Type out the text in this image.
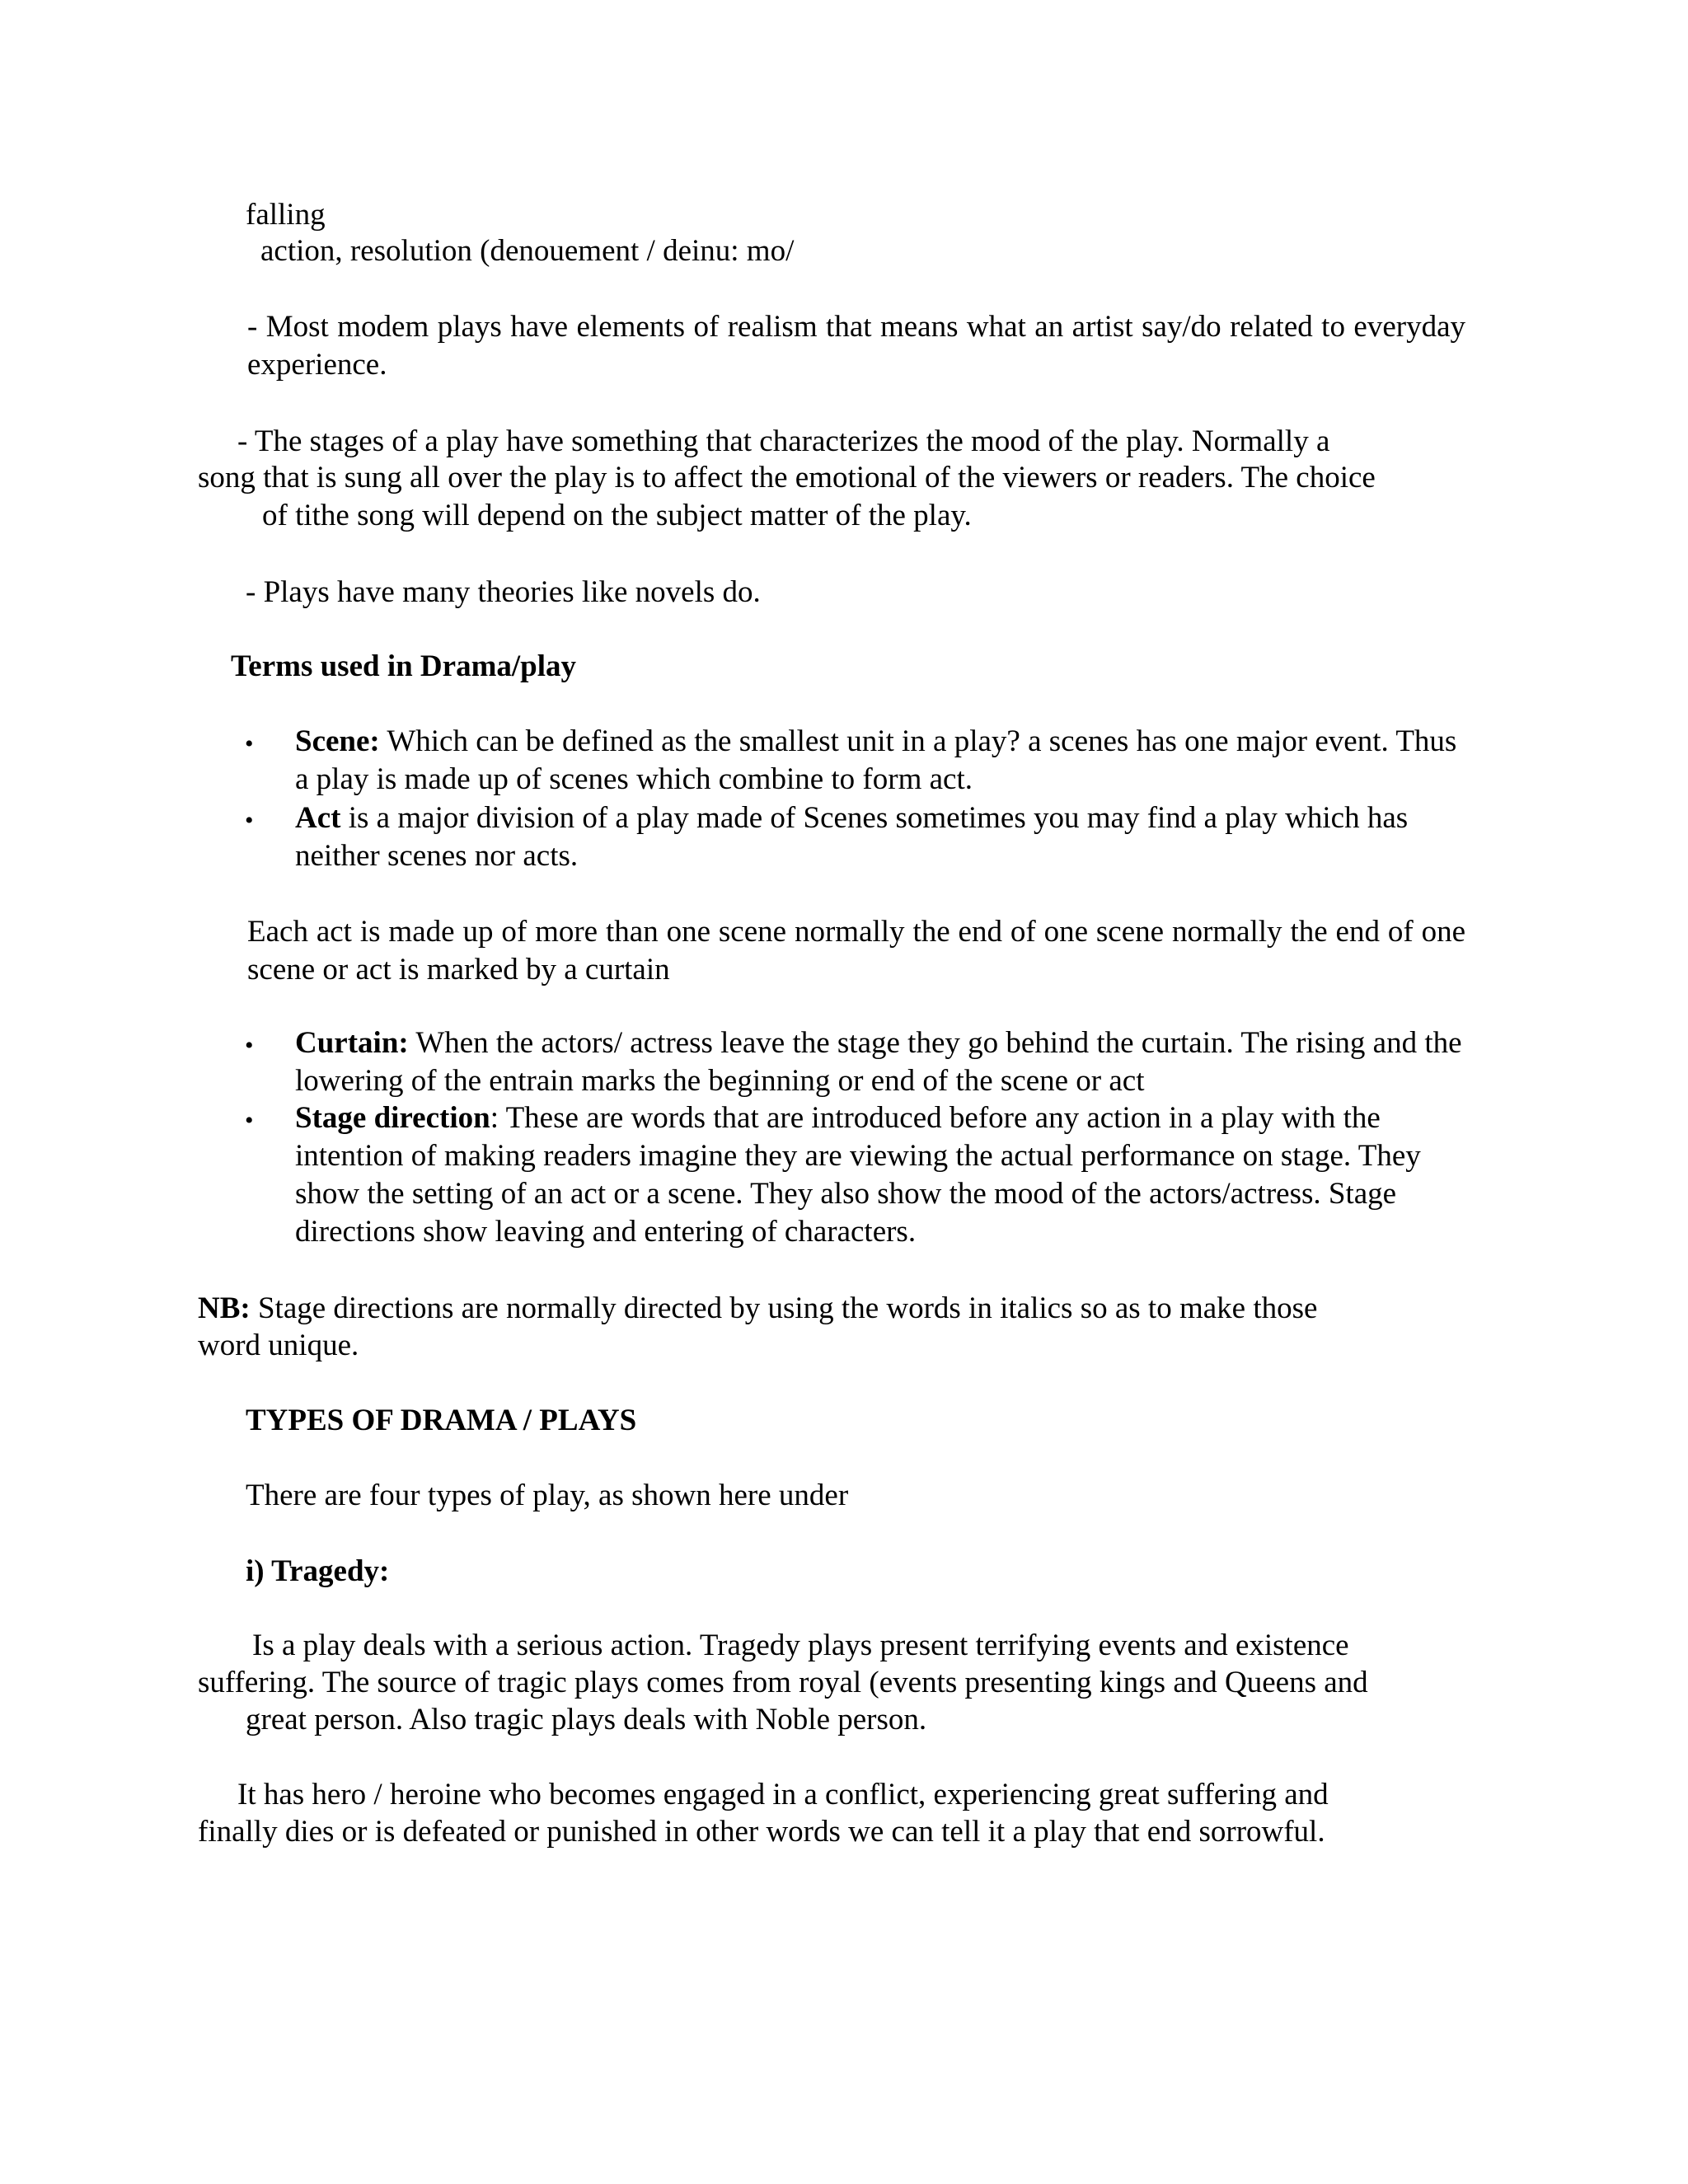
falling
action, resolution (denouement / deinu: mo/
- Most modem plays have elements of realism that means what an artist say/do related to everyday experience.
- The stages of a play have something that characterizes the mood of the play. Normally a
song that is sung all over the play is to affect the emotional of the viewers or readers. The choice
of tithe song will depend on the subject matter of the play.
- Plays have many theories like novels do.
Terms used in Drama/play
• Scene: Which can be defined as the smallest unit in a play? a scenes has one major event. Thus a play is made up of scenes which combine to form act.
• Act is a major division of a play made of Scenes sometimes you may find a play which has neither scenes nor acts.
Each act is made up of more than one scene normally the end of one scene normally the end of one scene or act is marked by a curtain
• Curtain: When the actors/ actress leave the stage they go behind the curtain. The rising and the lowering of the entrain marks the beginning or end of the scene or act
• Stage direction: These are words that are introduced before any action in a play with the intention of making readers imagine they are viewing the actual performance on stage. They show the setting of an act or a scene. They also show the mood of the actors/actress. Stage directions show leaving and entering of characters.
NB: Stage directions are normally directed by using the words in italics so as to make those
word unique.
TYPES OF DRAMA / PLAYS
There are four types of play, as shown here under
i) Tragedy:
Is a play deals with a serious action. Tragedy plays present terrifying events and existence
suffering. The source of tragic plays comes from royal (events presenting kings and Queens and
great person. Also tragic plays deals with Noble person.
It has hero / heroine who becomes engaged in a conflict, experiencing great suffering and
finally dies or is defeated or punished in other words we can tell it a play that end sorrowful.
